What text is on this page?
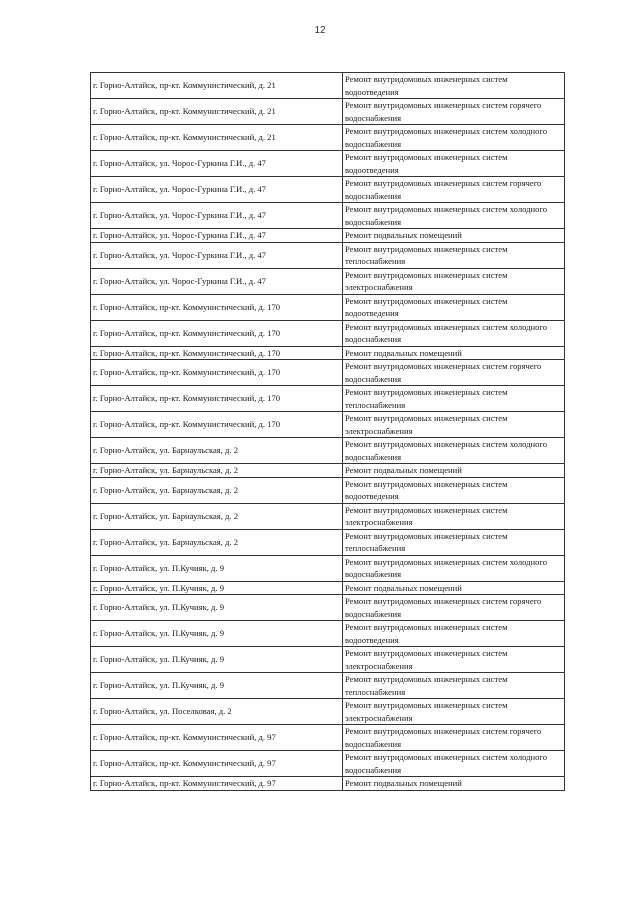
12
г. Горно-Алтайск, пр-кт. Коммунистический, д. 21	Ремонт внутридомовых инженерных систем водоотведения
г. Горно-Алтайск, пр-кт. Коммунистический, д. 21	Ремонт внутридомовых инженерных систем горячего водоснабжения
г. Горно-Алтайск, пр-кт. Коммунистический, д. 21	Ремонт внутридомовых инженерных систем холодного водоснабжения
г. Горно-Алтайск, ул. Чорос-Гуркина Г.И., д. 47	Ремонт внутридомовых инженерных систем водоотведения
г. Горно-Алтайск, ул. Чорос-Гуркина Г.И., д. 47	Ремонт внутридомовых инженерных систем горячего водоснабжения
г. Горно-Алтайск, ул. Чорос-Гуркина Г.И., д. 47	Ремонт внутридомовых инженерных систем холодного водоснабжения
г. Горно-Алтайск, ул. Чорос-Гуркина Г.И., д. 47	Ремонт подвальных помещений
г. Горно-Алтайск, ул. Чорос-Гуркина Г.И., д. 47	Ремонт внутридомовых инженерных систем теплоснабжения
г. Горно-Алтайск, ул. Чорос-Гуркина Г.И., д. 47	Ремонт внутридомовых инженерных систем электроснабжения
г. Горно-Алтайск, пр-кт. Коммунистический, д. 170	Ремонт внутридомовых инженерных систем водоотведения
г. Горно-Алтайск, пр-кт. Коммунистический, д. 170	Ремонт внутридомовых инженерных систем холодного водоснабжения
г. Горно-Алтайск, пр-кт. Коммунистический, д. 170	Ремонт подвальных помещений
г. Горно-Алтайск, пр-кт. Коммунистический, д. 170	Ремонт внутридомовых инженерных систем горячего водоснабжения
г. Горно-Алтайск, пр-кт. Коммунистический, д. 170	Ремонт внутридомовых инженерных систем теплоснабжения
г. Горно-Алтайск, пр-кт. Коммунистический, д. 170	Ремонт внутридомовых инженерных систем электроснабжения
г. Горно-Алтайск, ул. Барнаульская, д. 2	Ремонт внутридомовых инженерных систем холодного водоснабжения
г. Горно-Алтайск, ул. Барнаульская, д. 2	Ремонт подвальных помещений
г. Горно-Алтайск, ул. Барнаульская, д. 2	Ремонт внутридомовых инженерных систем водоотведения
г. Горно-Алтайск, ул. Барнаульская, д. 2	Ремонт внутридомовых инженерных систем электроснабжения
г. Горно-Алтайск, ул. Барнаульская, д. 2	Ремонт внутридомовых инженерных систем теплоснабжения
г. Горно-Алтайск, ул. П.Кучияк, д. 9	Ремонт внутридомовых инженерных систем холодного водоснабжения
г. Горно-Алтайск, ул. П.Кучияк, д. 9	Ремонт подвальных помещений
г. Горно-Алтайск, ул. П.Кучияк, д. 9	Ремонт внутридомовых инженерных систем горячего водоснабжения
г. Горно-Алтайск, ул. П.Кучияк, д. 9	Ремонт внутридомовых инженерных систем водоотведения
г. Горно-Алтайск, ул. П.Кучияк, д. 9	Ремонт внутридомовых инженерных систем электроснабжения
г. Горно-Алтайск, ул. П.Кучияк, д. 9	Ремонт внутридомовых инженерных систем теплоснабжения
г. Горно-Алтайск, ул. Поселковая, д. 2	Ремонт внутридомовых инженерных систем электроснабжения
г. Горно-Алтайск, пр-кт. Коммунистический, д. 97	Ремонт внутридомовых инженерных систем горячего водоснабжения
г. Горно-Алтайск, пр-кт. Коммунистический, д. 97	Ремонт внутридомовых инженерных систем холодного водоснабжения
г. Горно-Алтайск, пр-кт. Коммунистический, д. 97	Ремонт подвальных помещений
